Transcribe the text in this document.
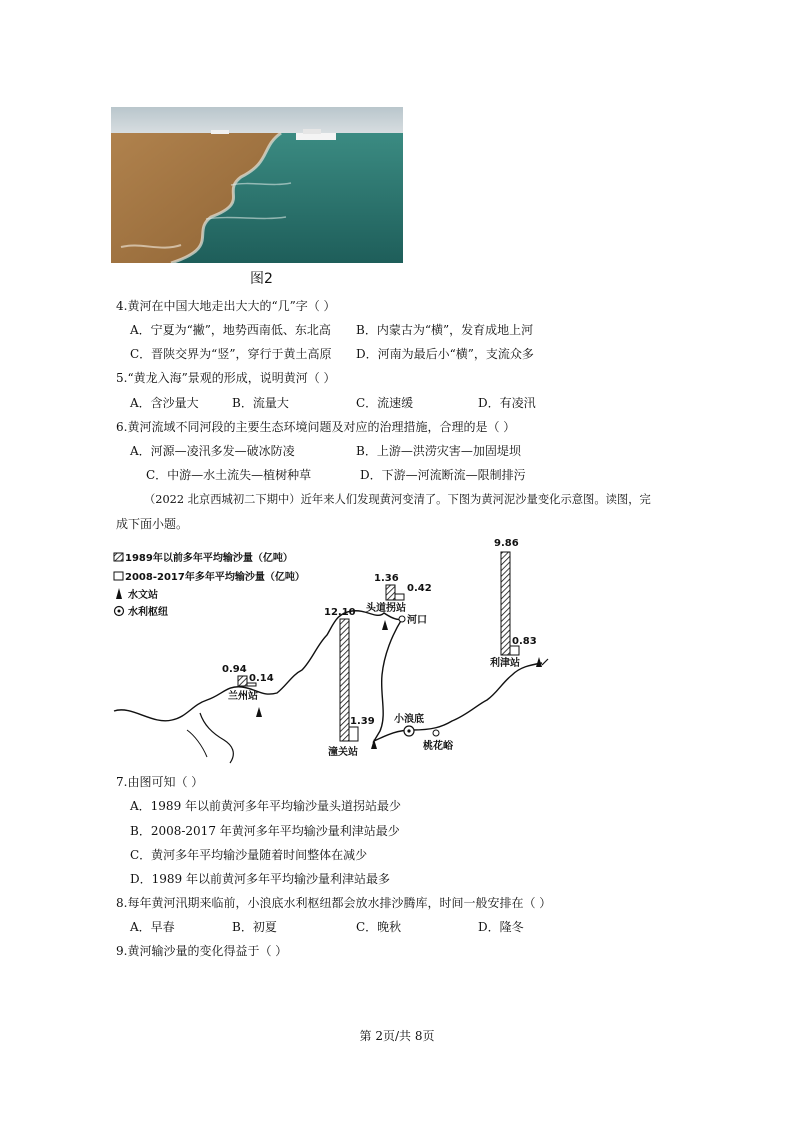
图2
4.黄河在中国大地走出大大的“几”字（ ）
A．宁夏为“撇”，地势西南低、东北高 B．内蒙古为“横”，发育成地上河
C．晋陕交界为“竖”，穿行于黄土高原 D．河南为最后小“横”，支流众多
5.“黄龙入海”景观的形成，说明黄河（ ）
A．含沙量大	B．流量大	C．流速缓	D．有凌汛
6.黄河流域不同河段的主要生态环境问题及对应的治理措施，合理的是（ ）
A．河源—凌汛多发—破冰防凌	B．上游—洪涝灾害—加固堤坝
C．中游—水土流失—植树种草	D．下游—河流断流—限制排污
（2022 北京西城初二下期中）近年来人们发现黄河变清了。下图为黄河泥沙量变化示意图。读图，完
成下面小题。
1989年以前多年平均输沙量（亿吨）
2008-2017年多年平均输沙量（亿吨）
水文站
水利枢纽
0.94
0.14
兰州站
1.36
0.42
头道拐站
河口
12.10
1.39
潼关站
小浪底
桃花峪
9.86
0.83
利津站
7.由图可知（ ）
A．1989 年以前黄河多年平均输沙量头道拐站最少
B．2008-2017 年黄河多年平均输沙量利津站最少
C．黄河多年平均输沙量随着时间整体在减少
D．1989 年以前黄河多年平均输沙量利津站最多
8.每年黄河汛期来临前，小浪底水利枢纽都会放水排沙腾库，时间一般安排在（ ）
A．早春	B．初夏	C．晚秋	D．隆冬
9.黄河输沙量的变化得益于（ ）
第 2页/共 8页
